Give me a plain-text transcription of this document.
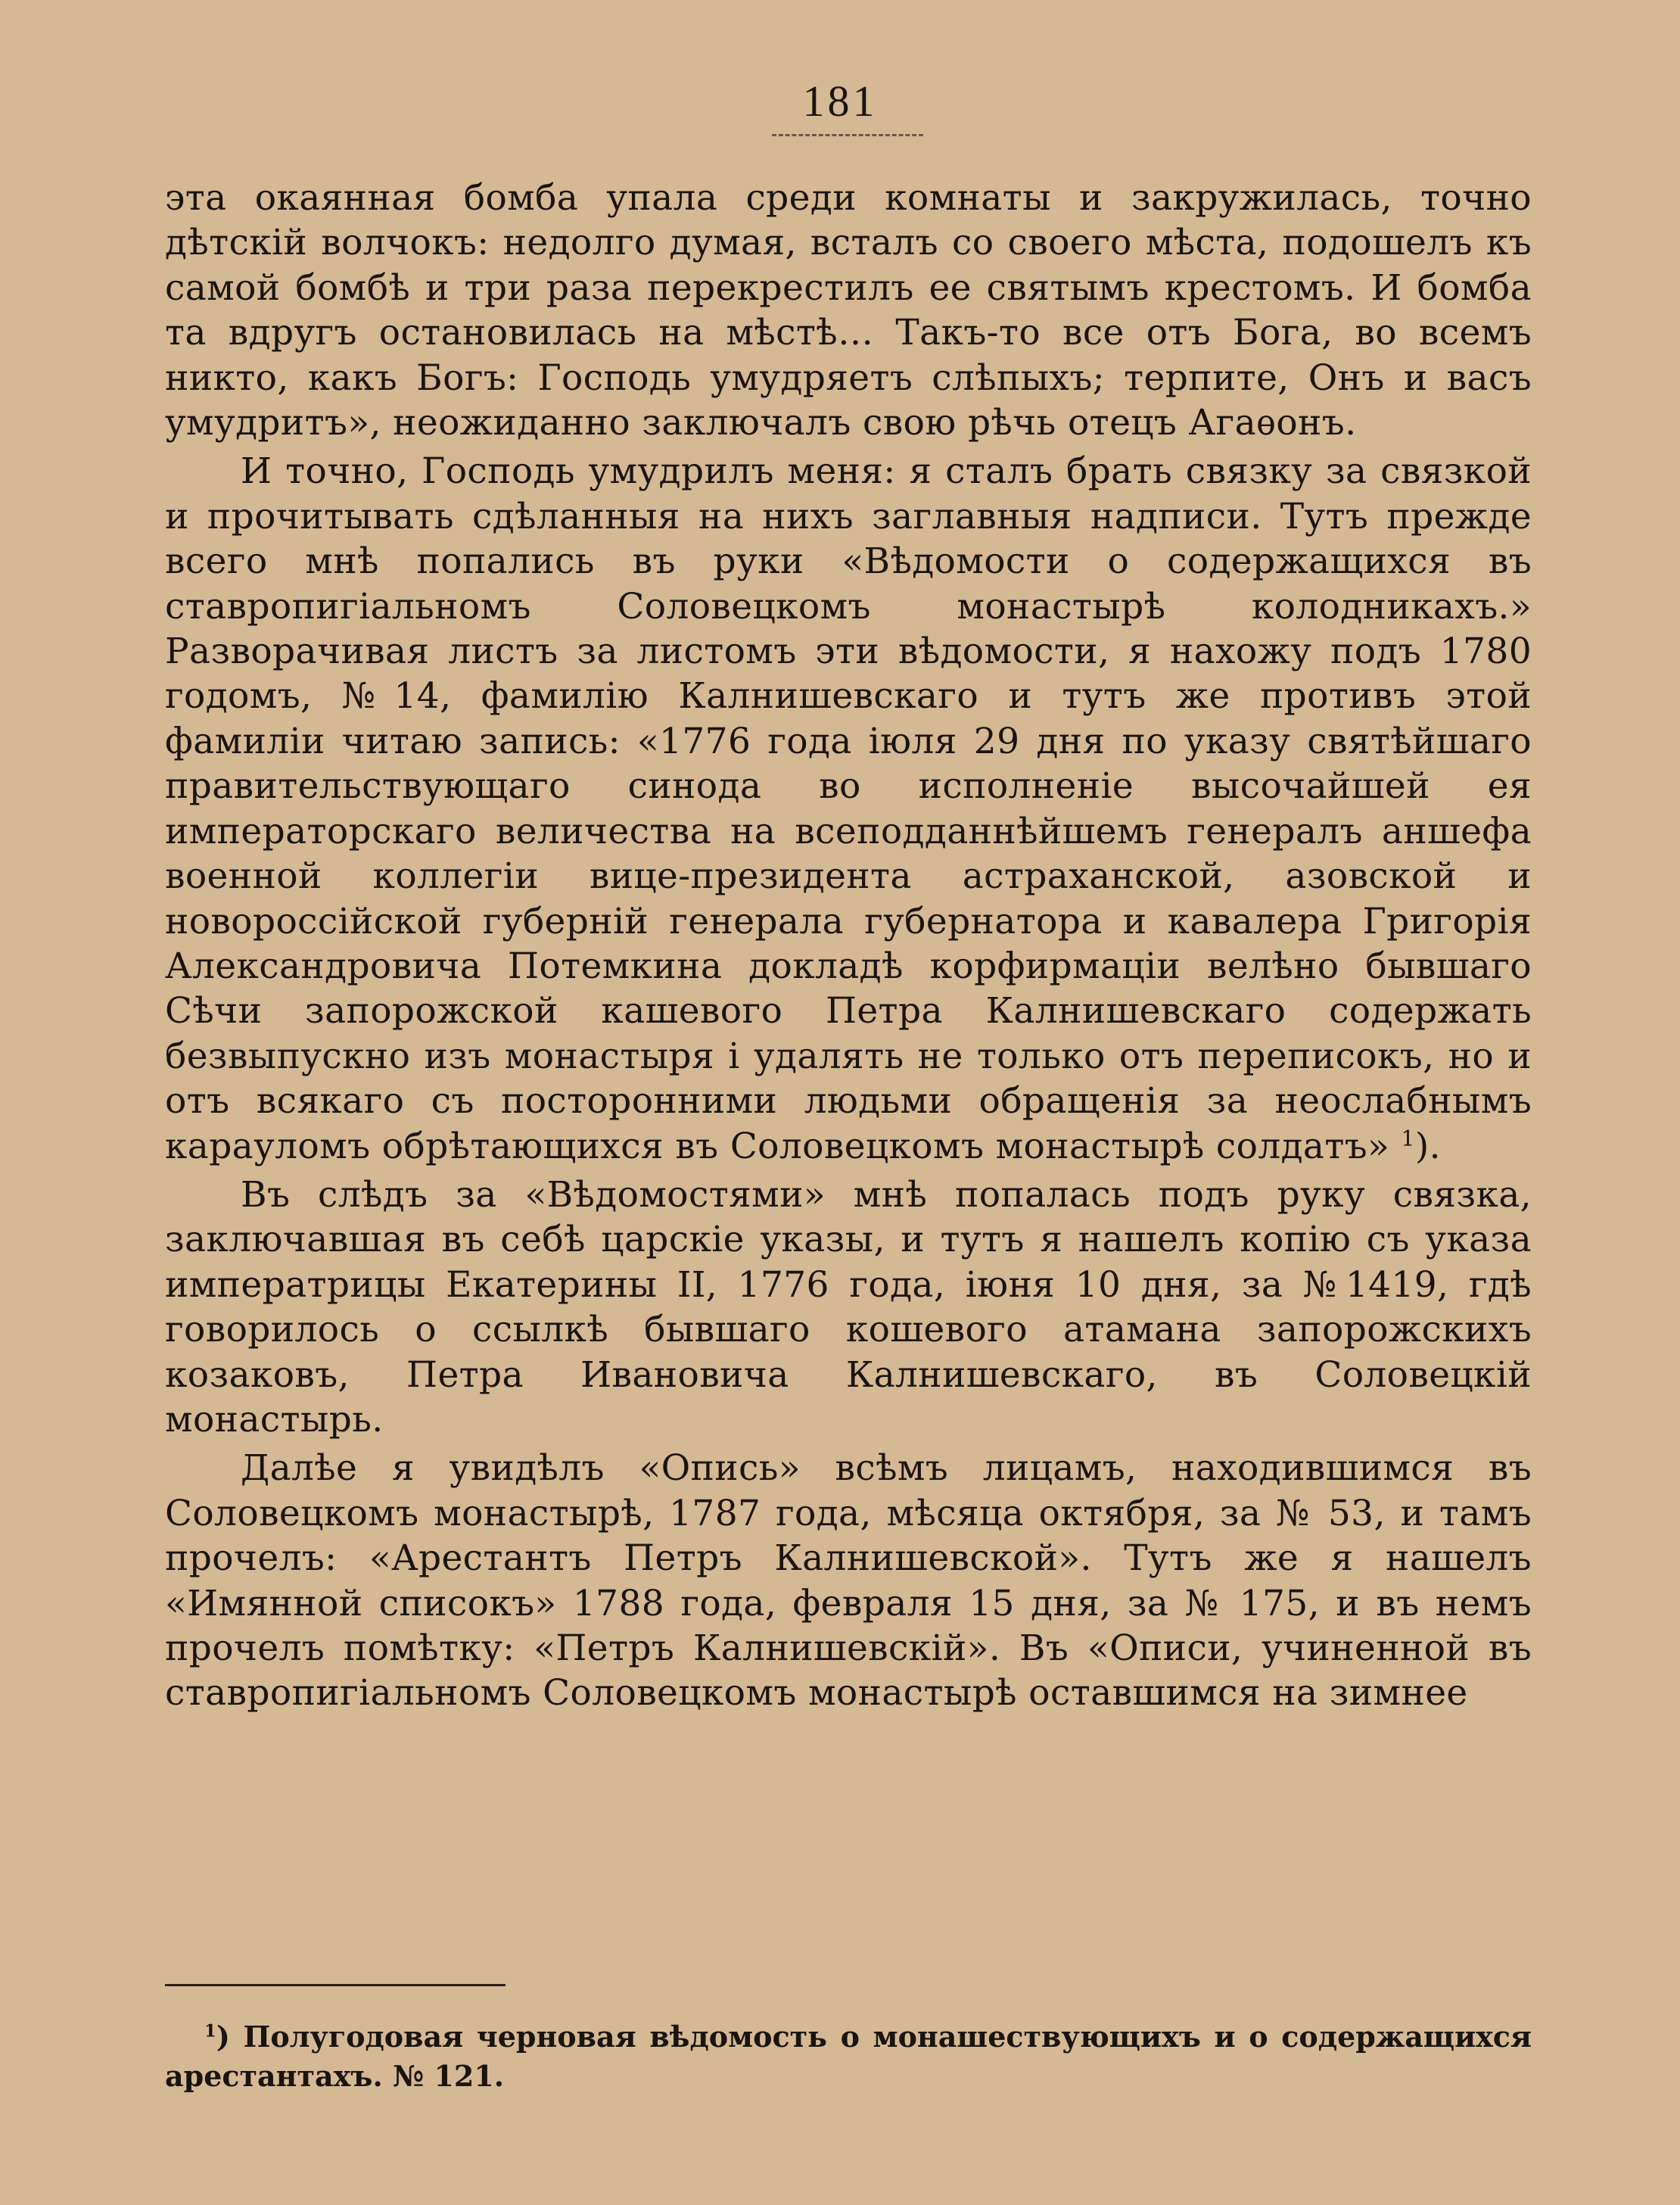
181

эта окаянная бомба упала среди комнаты и закружилась, точно дѣтскій волчокъ: недолго думая, всталъ со своего мѣста, подошелъ къ самой бомбѣ и три раза перекрестилъ ее святымъ крестомъ. И бомба та вдругъ остановилась на мѣстѣ… Такъ-то все отъ Бога, во всемъ никто, какъ Богъ: Господь умудряетъ слѣпыхъ; терпите, Онъ и васъ умудритъ», неожиданно заключалъ свою рѣчь отецъ Агаѳонъ.

И точно, Господь умудрилъ меня: я сталъ брать связку за связкой и прочитывать сдѣланныя на нихъ заглавныя надписи. Тутъ прежде всего мнѣ попались въ руки «Вѣдомости о содержащихся въ ставропигіальномъ Соловецкомъ монастырѣ колодникахъ.» Разворачивая листъ за листомъ эти вѣдомости, я нахожу подъ 1780 годомъ, №14, фамилію Калнишевскаго и тутъ же противъ этой фамиліи читаю запись: «1776 года іюля 29 дня по указу святѣйшаго правительствующаго синода во исполненіе высочайшей ея императорскаго величества на всеподданнѣйшемъ генералъ аншефа военной коллегіи вице-президента астраханской, азовской и новороссійской губерній генерала губернатора и кавалера Григорія Александровича Потемкина докладѣ корфирмаціи велѣно бывшаго Сѣчи запорожской кашевого Петра Калнишевскаго содержать безвыпускно изъ монастыря і удалять не только отъ переписокъ, но и отъ всякаго съ посторонними людьми обращенія за неослабнымъ карауломъ обрѣтающихся въ Соловецкомъ монастырѣ солдатъ» $^1$).

Въ слѣдъ за «Вѣдомостями» мнѣ попалась подъ руку связка, заключавшая въ себѣ царскіе указы, и тутъ я нашелъ копію съ указа императрицы Екатерины II, 1776 года, іюня 10 дня, за №1419, гдѣ говорилось о ссылкѣ бывшаго кошевого атамана запорожскихъ козаковъ, Петра Ивановича Калнишевскаго, въ Соловецкій монастырь.

Далѣе я увидѣлъ «Опись» всѣмъ лицамъ, находившимся въ Соловецкомъ монастырѣ, 1787 года, мѣсяца октября, за № 53, и тамъ прочелъ: «Арестантъ Петръ Калнишевской». Тутъ же я нашелъ «Имянной списокъ» 1788 года, февраля 15 дня, за № 175, и въ немъ прочелъ помѣтку: «Петръ Калнишевскій». Въ «Описи, учиненной въ ставропигіальномъ Соловецкомъ монастырѣ оставшимся на зимнее

$^1$) Полугодовая черновая вѣдомость о монашествующихъ и о содержащихся арестантахъ. № 121.
